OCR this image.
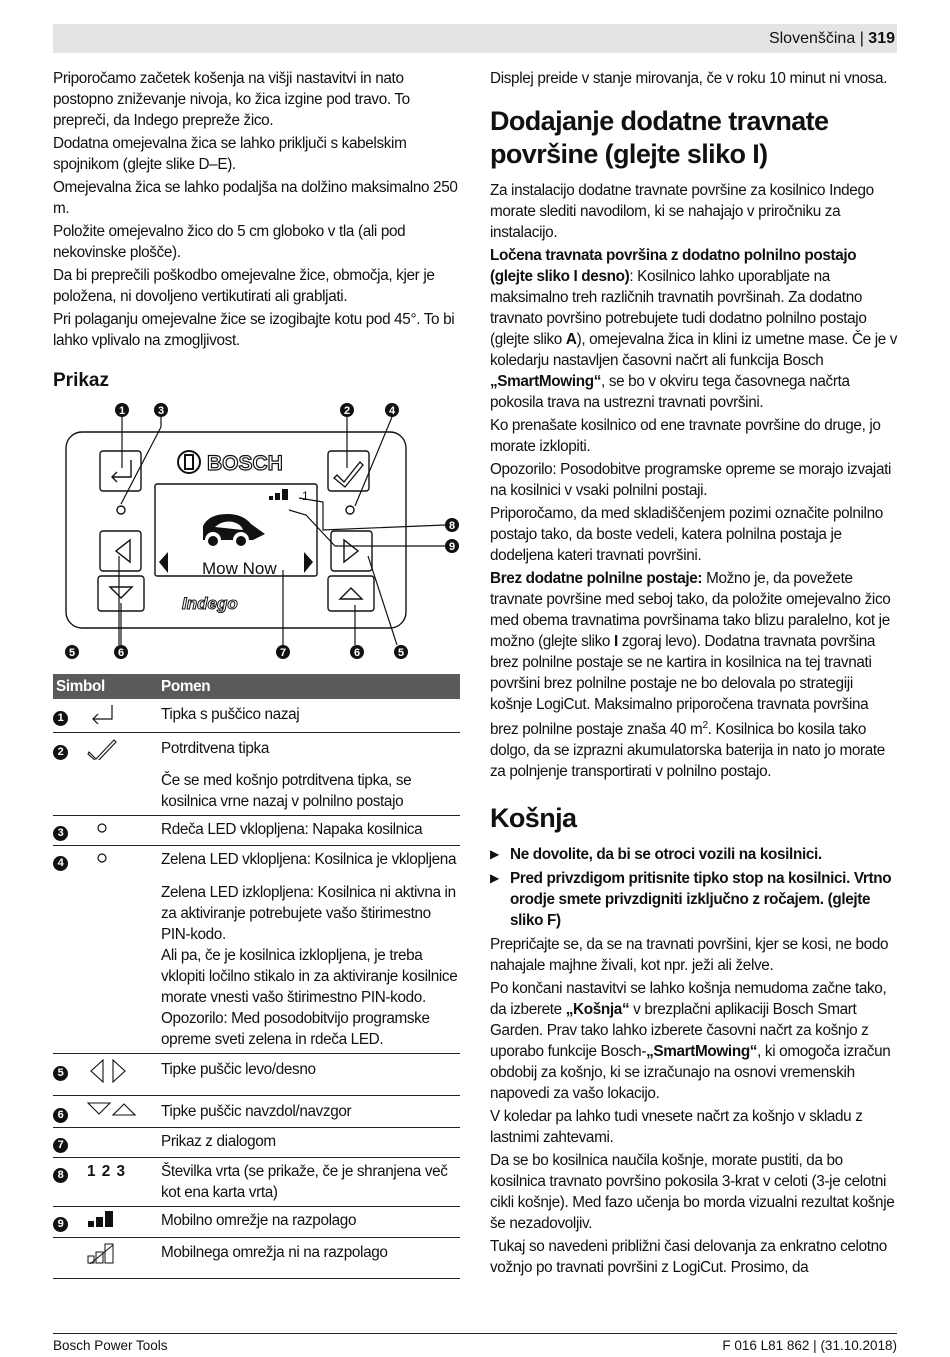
Slovenščina | 319

Priporočamo začetek košenja na višji nastavitvi in nato postopno zniževanje nivoja, ko žica izgine pod travo. To prepreči, da Indego prepreže žico.

Dodatna omejevalna žica se lahko priključi s kabelskim spojnikom (glejte slike D–E).

Omejevalna žica se lahko podaljša na dolžino maksimalno 250 m.

Položite omejevalno žico do 5 cm globoko v tla (ali pod nekovinske plošče).

Da bi preprečili poškodbo omejevalne žice, območja, kjer je položena, ni dovoljeno vertikutirati ali grabljati.

Pri polaganju omejevalne žice se izogibajte kotu pod 45°. To bi lahko vplivalo na zmogljivost.

Prikaz
BOSCH
1
Mow Now
Indego
1	3	2	4
8
9
5	6	7	6	5
Simbol	Pomen
1	Tipka s puščico nazaj
2	Potrditvena tipka
Če se med košnjo potrditvena tipka, se kosilnica vrne nazaj v polnilno postajo
3	Rdeča LED vklopljena: Napaka kosilnica
4	Zelena LED vklopljena: Kosilnica je vklopljena
Zelena LED izklopljena: Kosilnica ni aktivna in za aktiviranje potrebujete vašo štirimestno PIN-kodo.
Ali pa, če je kosilnica izklopljena, je treba vklopiti ločilno stikalo in za aktiviranje kosilnice morate vnesti vašo štirimestno PIN-kodo.
Opozorilo: Med posodobitvijo programske opreme sveti zelena in rdeča LED.
5	Tipke puščic levo/desno
6	Tipke puščic navzdol/navzgor
7	Prikaz z dialogom
8	1 2 3	Številka vrta (se prikaže, če je shranjena več kot ena karta vrta)
9	Mobilno omrežje na razpolago
Mobilnega omrežja ni na razpolago

Displej preide v stanje mirovanja, če v roku 10 minut ni vnosa.

Dodajanje dodatne travnate površine (glejte sliko I)

Za instalacijo dodatne travnate površine za kosilnico Indego morate slediti navodilom, ki se nahajajo v priročniku za instalacijo.

Ločena travnata površina z dodatno polnilno postajo (glejte sliko I desno): Kosilnico lahko uporabljate na maksimalno treh različnih travnatih površinah. Za dodatno travnato površino potrebujete tudi dodatno polnilno postajo (glejte sliko A), omejevalna žica in klini iz umetne mase. Če je v koledarju nastavljen časovni načrt ali funkcija Bosch „SmartMowing“, se bo v okviru tega časovnega načrta pokosila trava na ustrezni travnati površini.

Ko prenašate kosilnico od ene travnate površine do druge, jo morate izklopiti.

Opozorilo: Posodobitve programske opreme se morajo izvajati na kosilnici v vsaki polnilni postaji.

Priporočamo, da med skladiščenjem pozimi označite polnilno postajo tako, da boste vedeli, katera polnilna postaja je dodeljena kateri travnati površini.

Brez dodatne polnilne postaje: Možno je, da povežete travnate površine med seboj tako, da položite omejevalno žico med obema travnatima površinama tako blizu paralelno, kot je možno (glejte sliko I zgoraj levo). Dodatna travnata površina brez polnilne postaje se ne kartira in kosilnica na tej travnati površini brez polnilne postaje ne bo delovala po strategiji košnje LogiCut. Maksimalno priporočena travnata površina brez polnilne postaje znaša 40 $m^2$. Kosilnica bo kosila tako dolgo, da se izprazni akumulatorska baterija in nato jo morate za polnjenje transportirati v polnilno postajo.

Košnja
▶ Ne dovolite, da bi se otroci vozili na kosilnici.
▶ Pred privzdigom pritisnite tipko stop na kosilnici. Vrtno orodje smete privzdigniti izključno z ročajem. (glejte sliko F)

Prepričajte se, da se na travnati površini, kjer se kosi, ne bodo nahajale majhne živali, kot npr. ježi ali želve.

Po končani nastavitvi se lahko košnja nemudoma začne tako, da izberete „Košnja“ v brezplačni aplikaciji Bosch Smart Garden. Prav tako lahko izberete časovni načrt za košnjo z uporabo funkcije Bosch-„SmartMowing“, ki omogoča izračun obdobij za košnjo, ki se izračunajo na osnovi vremenskih napovedi za vašo lokacijo.

V koledar pa lahko tudi vnesete načrt za košnjo v skladu z lastnimi zahtevami.

Da se bo kosilnica naučila košnje, morate pustiti, da bo kosilnica travnato površino pokosila 3-krat v celoti (3-je celotni cikli košnje). Med fazo učenja bo morda vizualni rezultat košnje še nezadovoljiv.

Tukaj so navedeni približni časi delovanja za enkratno celotno vožnjo po travnati površini z LogiCut. Prosimo, da

Bosch Power Tools	F 016 L81 862 | (31.10.2018)
